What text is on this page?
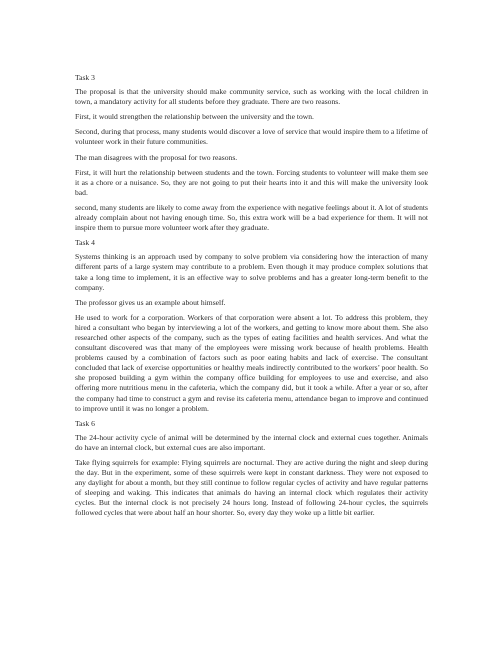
Task 3

The proposal is that the university should make community service, such as working with the local children in town, a mandatory activity for all students before they graduate. There are two reasons.

First, it would strengthen the relationship between the university and the town.

Second, during that process, many students would discover a love of service that would inspire them to a lifetime of volunteer work in their future communities.

The man disagrees with the proposal for two reasons.

First, it will hurt the relationship between students and the town. Forcing students to volunteer will make them see it as a chore or a nuisance. So, they are not going to put their hearts into it and this will make the university look bad.

second, many students are likely to come away from the experience with negative feelings about it. A lot of students already complain about not having enough time. So, this extra work will be a bad experience for them. It will not inspire them to pursue more volunteer work after they graduate.

Task 4

Systems thinking is an approach used by company to solve problem via considering how the interaction of many different parts of a large system may contribute to a problem. Even though it may produce complex solutions that take a long time to implement, it is an effective way to solve problems and has a greater long-term benefit to the company.

The professor gives us an example about himself.

He used to work for a corporation. Workers of that corporation were absent a lot. To address this problem, they hired a consultant who began by interviewing a lot of the workers, and getting to know more about them. She also researched other aspects of the company, such as the types of eating facilities and health services. And what the consultant discovered was that many of the employees were missing work because of health problems. Health problems caused by a combination of factors such as poor eating habits and lack of exercise. The consultant concluded that lack of exercise opportunities or healthy meals indirectly contributed to the workers’ poor health. So she proposed building a gym within the company office building for employees to use and exercise, and also offering more nutritious menu in the cafeteria, which the company did, but it took a while. After a year or so, after the company had time to construct a gym and revise its cafeteria menu, attendance began to improve and continued to improve until it was no longer a problem.

Task 6

The 24-hour activity cycle of animal will be determined by the internal clock and external cues together. Animals do have an internal clock, but external cues are also important.

Take flying squirrels for example: Flying squirrels are nocturnal. They are active during the night and sleep during the day. But in the experiment, some of these squirrels were kept in constant darkness. They were not exposed to any daylight for about a month, but they still continue to follow regular cycles of activity and have regular patterns of sleeping and waking. This indicates that animals do having an internal clock which regulates their activity cycles. But the internal clock is not precisely 24 hours long. Instead of following 24-hour cycles, the squirrels followed cycles that were about half an hour shorter. So, every day they woke up a little bit earlier.
